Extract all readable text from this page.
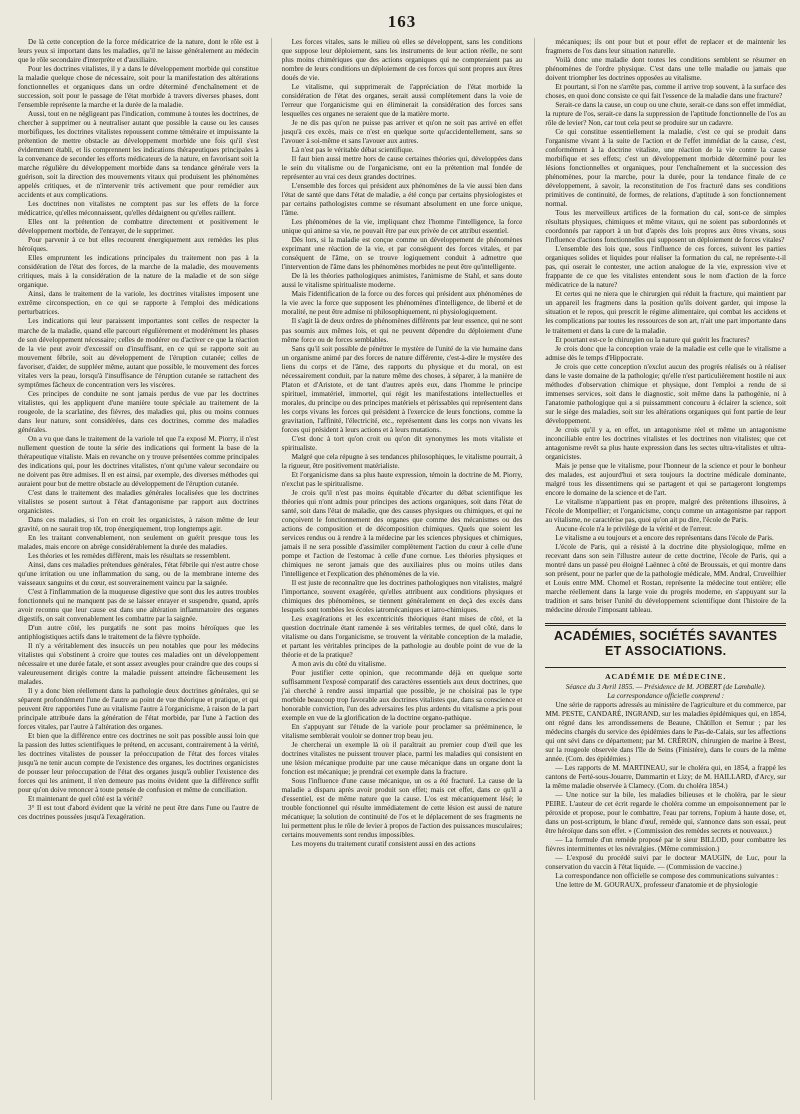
163

De là cette conception de la force médicatrice de la nature, dont le rôle est à leurs yeux si important dans les maladies, qu'il ne laisse généralement au médecin que le rôle secondaire d'interprète et d'auxiliaire.

Pour les doctrines vitalistes, il y a dans le développement morbide qui constitue la maladie quelque chose de nécessaire, soit pour la manifestation des altérations fonctionnelles et organiques dans un ordre déterminé d'enchaînement et de succession, soit pour le passage de l'état morbide à travers diverses phases, dont l'ensemble représente la marche et la durée de la maladie.

Aussi, tout en ne négligeant pas l'indication, commune à toutes les doctrines, de chercher à supprimer ou à neutraliser autant que possible la cause ou les causes morbifiques, les doctrines vitalistes repoussent comme téméraire et impuissante la prétention de mettre obstacle au développement morbide une fois qu'il s'est évidemment établi, et lis comprennent les indications thérapeutiques principales à la convenance de seconder les efforts médicateurs de la nature, en favorisant soit la marche régulière du développement morbide dans sa tendance générale vers la guérison, soit la direction des mouvements vitaux qui produisent les phénomènes appelés critiques, et de n'intervenir très activement que pour remédier aux accidents et aux complications.

Les doctrines non vitalistes ne comptent pas sur les effets de la force médicatrice, qu'elles méconnaissent, qu'elles dédaignent ou qu'elles raillent.

Elles ont la prétention de combattre directement et positivement le développement morbide, de l'enrayer, de le supprimer.

Pour parvenir à ce but elles recourent énergiquement aux remèdes les plus héroïques.

Elles empruntent les indications principales du traitement non pas à la considération de l'état des forces, de la marche de la maladie, des mouvements critiques, mais à la considération de la nature de la maladie et de son siège organique.

Ainsi, dans le traitement de la variole, les doctrines vitalistes imposent une extrême circonspection, en ce qui se rapporte à l'emploi des médications perturbatrices.

Les indications qui leur paraissent importantes sont celles de respecter la marche de la maladie, quand elle parcourt régulièrement et modérément les phases de son développement nécessaire; celles de modérer ou d'activer ce que la réaction de la vie peut avoir d'excessif ou d'insuffisant, en ce qui se rapporte soit au mouvement fébrile, soit au développement de l'éruption cutanée; celles de favoriser, d'aider, de suppléer même, autant que possible, le mouvement des forces vitales vers la peau, lorsqu'à l'insuffisance de l'éruption cutanée se rattachent des symptômes fâcheux de concentration vers les viscères.

Ces principes de conduite ne sont jamais perdus de vue par les doctrines vitalistes, qui les appliquent d'une manière toute spéciale au traitement de la rougeole, de la scarlatine, des fièvres, des maladies qui, plus ou moins connues dans leur nature, sont considérées, dans ces doctrines, comme des maladies générales.

On a vu que dans le traitement de la variole tel que l'a exposé M. Piorry, il n'est nullement question de toute la série des indications qui forment la base de la thérapeutique vitaliste. Mais en revanche on y trouve présentées comme principales des indications qui, pour les doctrines vitalistes, n'ont qu'une valeur secondaire ou ne doivent pas être admises. Il en est ainsi, par exemple, des diverses méthodes qui auraient pour but de mettre obstacle au développement de l'éruption cutanée.

C'est dans le traitement des maladies générales localisées que les doctrines vitalistes se posent surtout à l'état d'antagonisme par rapport aux doctrines organicistes.

Dans ces maladies, si l'on en croit les organicistes, à raison même de leur gravité, on ne saurait trop tôt, trop énergiquement, trop longtemps agir.

En les traitant convenablement, non seulement on guérit presque tous les malades, mais encore on abrège considérablement la durée des maladies.

Les théories et les remèdes diffèrent, mais les résultats se ressemblent.

Ainsi, dans ces maladies prétendues générales, l'état fébrile qui n'est autre chose qu'une irritation ou une inflammation du sang, ou de la membrane interne des vaisseaux sanguins et du cœur, est souverainement vaincu par la saignée.

C'est à l'inflammation de la muqueuse digestive que sont dus les autres troubles fonctionnels qui ne manquent pas de se laisser enrayer et suspendre, quand, après avoir reconnu que leur cause est dans une altération inflammatoire des organes digestifs, on sait convenablement les combattre par la saignée.

D'un autre côté, les purgatifs ne sont pas moins héroïques que les antiphlogistiques actifs dans le traitement de la fièvre typhoïde.

Il n'y a véritablement des insuccès un peu notables que pour les médecins vitalistes qui s'obstinent à croire que toutes ces maladies ont un développement nécessaire et une durée fatale, et sont assez aveugles pour craindre que des coups si valeureusement dirigés contre la maladie puissent atteindre fâcheusement les malades.

Il y a donc bien réellement dans la pathologie deux doctrines générales, qui se séparent profondément l'une de l'autre au point de vue théorique et pratique, et qui peuvent être rapportées l'une au vitalisme l'autre à l'organicisme, à raison de la part principale attribuée dans la génération de l'état morbide, par l'une à l'action des forces vitales, par l'autre à l'altération des organes.

Et bien que la différence entre ces doctrines ne soit pas possible aussi loin que la passion des luttes scientifiques le prétend, en accusant, contrairement à la vérité, les doctrines vitalistes de pousser la préoccupation de l'état des forces vitales jusqu'à ne tenir aucun compte de l'existence des organes, les doctrines organicistes de pousser leur préoccupation de l'état des organes jusqu'à oublier l'existence des forces qui les animent, il n'en demeure pas moins évident que la différence suffit pour qu'on doive renoncer à toute pensée de confusion et même de conciliation.

Et maintenant de quel côté est la vérité?

3° Il est tout d'abord évident que la vérité ne peut être dans l'une ou l'autre de ces doctrines poussées jusqu'à l'exagération.

Les forces vitales, sans le milieu où elles se développent, sans les conditions que suppose leur déploiement, sans les instruments de leur action réelle, ne sont plus moins chimériques que des actions organiques qui ne compteraient pas au nombre de leurs conditions un déploiement de ces forces qui sont propres aux êtres doués de vie.

Le vitalisme, qui supprimerait de l'appréciation de l'état morbide la considération de l'état des organes, serait aussi complètement dans la voie de l'erreur que l'organicisme qui en éliminerait la considération des forces sans lesquelles ces organes ne seraient que de la matière morte.

Je ne dis pas qu'on ne puisse pas arriver et qu'on ne soit pas arrivé en effet jusqu'à ces excès, mais ce n'est en quelque sorte qu'accidentellement, sans se l'avouer à soi-même et sans l'avouer aux autres.

Là n'est pas le véritable débat scientifique.

Il faut bien aussi mettre hors de cause certaines théories qui, développées dans le sein du vitalisme ou de l'organicisme, ont eu la prétention mal fondée de représenter au vrai ces deux grandes doctrines.

L'ensemble des forces qui président aux phénomènes de la vie aussi bien dans l'état de santé que dans l'état de maladie, a été conçu par certains physiologistes et par certains pathologistes comme se résumant absolument en une force unique, l'âme.

Les phénomènes de la vie, impliquant chez l'homme l'intelligence, la force unique qui anime sa vie, ne pouvait être par eux privée de cet attribut essentiel.

Dès lors, si la maladie est conçue comme un développement de phénomènes exprimant une réaction de la vie, et par conséquent des forces vitales, et par conséquent de l'âme, on se trouve logiquement conduit à admettre que l'intervention de l'âme dans les phénomènes morbides ne peut être qu'intelligente.

De là les théories pathologiques animistes, l'animisme de Stahl, et sans doute aussi le vitalisme spiritualiste moderne.

Mais l'identification de la force ou des forces qui président aux phénomènes de la vie avec la force que supposent les phénomènes d'intelligence, de liberté et de moralité, ne peut être admise ni philosophiquement, ni physiologiquement.

Il s'agit là de deux ordres de phénomènes différents par leur essence, qui ne sont pas soumis aux mêmes lois, et qui ne peuvent dépendre du déploiement d'une même force ou de forces semblables.

Sans qu'il soit possible de pénétrer le mystère de l'unité de la vie humaine dans un organisme animé par des forces de nature différente, c'est-à-dire le mystère des liens du corps et de l'âme, des rapports du physique et du moral, on est nécessairement conduit, par la nature même des choses, à séparer, à la manière de Platon et d'Aristote, et de tant d'autres après eux, dans l'homme le principe spirituel, immatériel, immortel, qui régit les manifestations intellectuelles et morales, du principe ou des principes matériels et périssables qui représentent dans les corps vivans les forces qui président à l'exercice de leurs fonctions, comme la gravitation, l'affinité, l'électricité, etc., représentent dans les corps non vivans les forces qui président à leurs actions et à leurs mutations.

C'est donc à tort qu'on croit ou qu'on dit synonymes les mots vitaliste et spiritualiste.

Malgré que cela répugne à ses tendances philosophiques, le vitalisme pourrait, à la rigueur, être positivement matérialiste.

Et l'organicisme dans sa plus haute expression, témoin la doctrine de M. Piorry, n'exclut pas le spiritualisme.

Je crois qu'il n'est pas moins équitable d'écarter du débat scientifique les théories qui n'ont admis pour principes des actions organiques, soit dans l'état de santé, soit dans l'état de maladie, que des causes physiques ou chimiques, et qui ne conçoivent le fonctionnement des organes que comme des mécanismes ou des actions de composition et de décomposition chimiques. Quels que soient les services rendus ou à rendre à la médecine par les sciences physiques et chimiques, jamais il ne sera possible d'assimiler complètement l'action du cœur à celle d'une pompe et l'action de l'estomac à celle d'une cornue. Les théories physiques et chimiques ne seront jamais que des auxiliaires plus ou moins utiles dans l'intelligence et l'explication des phénomènes de la vie.

Il est juste de reconnaître que les doctrines pathologiques non vitalistes, malgré l'importance, souvent exagérée, qu'elles attribuent aux conditions physiques et chimiques des phénomènes, se tiennent généralement en deçà des excès dans lesquels sont tombées les écoles iatromécaniques et iatro-chimiques.

Les exagérations et les excentricités théoriques étant mises de côté, et la question doctrinale étant ramenée à ses véritables termes, de quel côté, dans le vitalisme ou dans l'organicisme, se trouvent la véritable conception de la maladie, et partant les véritables principes de la pathologie au double point de vue de la théorie et de la pratique?

A mon avis du côté du vitalisme.

Pour justifier cette opinion, que recommande déjà en quelque sorte suffisamment l'exposé comparatif des caractères essentiels aux deux doctrines, que j'ai cherché à rendre aussi impartial que possible, je ne choisirai pas le type morbide beaucoup trop favorable aux doctrines vitalistes que, dans sa conscience et honorable conviction, l'un des adversaires les plus ardents du vitalisme a pris pour exemple en vue de la glorification de la doctrine organo-pathique.

En s'appuyant sur l'étude de la variole pour proclamer sa prééminence, le vitalisme semblerait vouloir se donner trop beau jeu.

Je chercherai un exemple là où il paraîtrait au premier coup d'œil que les doctrines vitalistes ne puissent trouver place, parmi les maladies qui consistent en une lésion mécanique produite par une cause mécanique dans un organe dont la fonction est mécanique; je prendrai cet exemple dans la fracture.

Sous l'influence d'une cause mécanique, un os a été fracturé. La cause de la maladie a disparu après avoir produit son effet; mais cet effet, dans ce qu'il a d'essentiel, est de même nature que la cause. L'os est mécaniquement lésé; le trouble fonctionnel qui résulte immédiatement de cette lésion est aussi de nature mécanique; la solution de continuité de l'os et le déplacement de ses fragments ne lui permettent plus le rôle de levier à propos de l'action des puissances musculaires; certains mouvements sont rendus impossibles.

Les moyens du traitement curatif consistent aussi en des actions

mécaniques; ils ont pour but et pour effet de replacer et de maintenir les fragmens de l'os dans leur situation naturelle.

Voilà donc une maladie dont toutes les conditions semblent se résumer en phénomènes de l'ordre physique. C'est dans une telle maladie ou jamais que doivent triompher les doctrines opposées au vitalisme.

Et pourtant, si l'on ne s'arrête pas, comme il arrive trop souvent, à la surface des choses, en quoi donc consiste ce qui fait l'essence de la maladie dans une fracture?

Serait-ce dans la cause, un coup ou une chute, serait-ce dans son effet immédiat, la rupture de l'os, serait-ce dans la suppression de l'aptitude fonctionnelle de l'os au rôle de levier? Non, car tout cela peut se produire sur un cadavre.

Ce qui constitue essentiellement la maladie, c'est ce qui se produit dans l'organisme vivant à la suite de l'action et de l'effet immédiat de la cause, c'est, conformément à la doctrine vitaliste, une réaction de la vie contre la cause morbifique et ses effets; c'est un développement morbide déterminé pour les lésions fonctionnelles et organiques, pour l'enchaînement et la succession des phénomènes, pour la marche, pour la durée, pour la tendance finale de ce développement, à savoir, la reconstitution de l'os fracturé dans ses conditions primitives de continuité, de formes, de relations, d'aptitude à son fonctionnement normal.

Tous les merveilleux artifices de la formation du cal, sont-ce de simples résultats physiques, chimiques et même vitaux, qui ne soient pas subordonnés et coordonnés par rapport à un but d'après des lois propres aux êtres vivans, sous l'influence d'actions fonctionnelles qui supposent un déploiement de forces vitales?

L'ensemble des lois que, sous l'influence de ces forces, suivent les parties organiques solides et liquides pour réaliser la formation du cal, ne représente-t-il pas, qui oserait le contester, une action analogue de la vie, expression vive et frappante de ce que les vitalistes entendent sous le nom d'action de la force médicatrice de la nature?

Et certes qui ne niera que le chirurgien qui réduit la fracture, qui maintient par un appareil les fragmens dans la position qu'ils doivent garder, qui impose la situation et le repos, qui prescrit le régime alimentaire, qui combat les accidens et les complications par toutes les ressources de son art, n'ait une part importante dans le traitement et dans la cure de la maladie.

Et pourtant est-ce le chirurgien ou la nature qui guérit les fractures?

Je crois donc que la conception vraie de la maladie est celle que le vitalisme a admise dès le temps d'Hippocrate.

Je crois que cette conception n'exclut aucun des progrès réalisés ou à réaliser dans le vaste domaine de la pathologie; qu'elle n'est particulièrement hostile ni aux méthodes d'observation chimique et physique, dont l'emploi a rendu de si immenses services, soit dans le diagnostic, soit même dans la pathogénie, ni à l'anatomie pathologique qui a si puissamment concouru à éclairer la science, soit sur le siège des maladies, soit sur les altérations organiques qui font partie de leur développement.

Je crois qu'il y a, en effet, un antagonisme réel et même un antagonisme inconciliable entre les doctrines vitalistes et les doctrines non vitalistes; que cet antagonisme revêt sa plus haute expression dans les sectes ultra-vitalistes et ultra-organicistes.

Mais je pense que le vitalisme, pour l'honneur de la science et pour le bonheur des malades, est aujourd'hui et sera toujours la doctrine médicale dominante, malgré tous les dissentimens qui se partagent et qui se partageront longtemps encore le domaine de la science et de l'art.

Le vitalisme n'appartient pas en propre, malgré des prétentions illusoires, à l'école de Montpellier; et l'organicisme, conçu comme un antagonisme par rapport au vitalisme, ne caractérise pas, quoi qu'on ait pu dire, l'école de Paris.

Aucune école n'a le privilège de la vérité et de l'erreur.

Le vitalisme a eu toujours et a encore des représentans dans l'école de Paris.

L'école de Paris, qui a résisté à la doctrine dite physiologique, même en recevant dans son sein l'illustre auteur de cette doctrine, l'école de Paris, qui a montré dans un passé peu éloigné Laënnec à côté de Broussais, et qui montre dans son présent, pour ne parler que de la pathologie médicale, MM. Andral, Cruveilhier et Louis entre MM. Chomel et Rostan, représente la médecine tout entière; elle marche réellement dans la large voie du progrès moderne, en s'appuyant sur la tradition et sans briser l'unité du développement scientifique dont l'histoire de la médecine déroule l'imposant tableau.

ACADÉMIES, SOCIÉTÉS SAVANTES ET ASSOCIATIONS.
ACADÉMIE DE MÉDECINE.
Séance du 3 Avril 1855. — Présidence de M. JOBERT (de Lamballe).

La correspondance officielle comprend :

Une série de rapports adressés au ministère de l'agriculture et du commerce, par MM. PESTE, CANDARÉ, INGRAND, sur les maladies épidémiques qui, en 1854, ont régné dans les arrondissemens de Beaune, Châtillon et Semur ; par les médecins chargés du service des épidémies dans le Pas-de-Calais, sur les affections qui ont sévi dans ce département; par M. CRÉRON, chirurgien de marine à Brest, sur la rougeole observée dans l'île de Seins (Finistère), dans le cours de la même année. (Com. des épidémies.)

— Les rapports de M. MARTINEAU, sur le choléra qui, en 1854, a frappé les cantons de Ferté-sous-Jouarre, Dammartin et Lizy; de M. HAILLARD, d'Arcy, sur la même maladie observée à Clamecy. (Com. du choléra 1854.)

— Une notice sur la bile, les maladies bilieuses et le choléra, par le sieur PEIRE. L'auteur de cet écrit regarde le choléra comme un empoisonnement par le péroxide et propose, pour le combattre, l'eau par torrens, l'opium à haute dose, et, dans un post-scriptum, le blanc d'œuf, remède qui, s'annonce dans son essai, peut être héroïque dans son effet. » (Commission des remèdes secrets et nouveaux.)

— La formule d'un remède proposé par le sieur BILLOD, pour combattre les fièvres intermittentes et les névralgies. (Même commission.)

— L'exposé du procédé suivi par le docteur MAUGIN, de Luc, pour la conservation du vaccin à l'état liquide. — (Commission de vaccine.)

La correspondance non officielle se compose des communications suivantes :

Une lettre de M. GOURAUX, professeur d'anatomie et de physiologie
